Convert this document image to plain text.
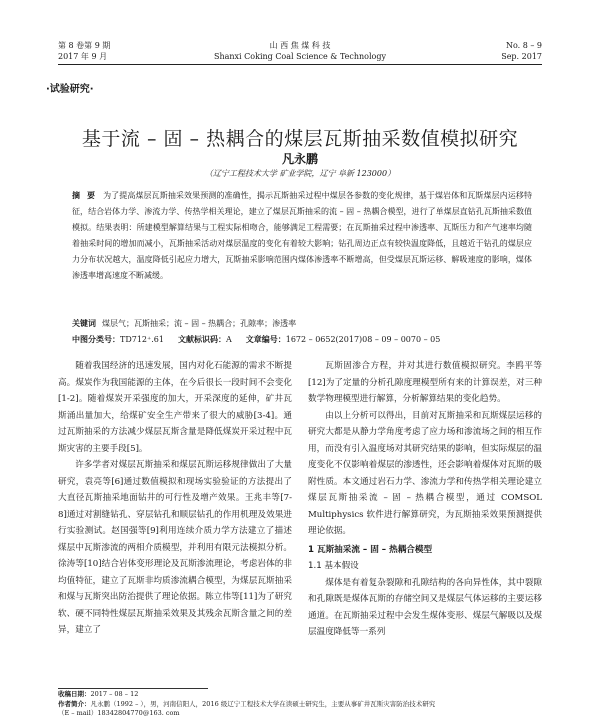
第 8 卷第 9 期
2017 年 9 月
山 西 焦 煤 科 技
Shanxi Coking Coal Science & Technology
No. 8 – 9
Sep. 2017
·试验研究·
基于流 – 固 – 热耦合的煤层瓦斯抽采数值模拟研究
凡永鹏
（辽宁工程技术大学 矿业学院，辽宁 阜新 123000）
摘 要 为了提高煤层瓦斯抽采效果预测的准确性，揭示瓦斯抽采过程中煤层各参数的变化规律，基于煤岩体和瓦斯煤层内运移特征，结合岩体力学、渗流力学、传热学相关理论，建立了煤层瓦斯抽采的流 – 固 – 热耦合模型，进行了单煤层直钻孔瓦斯抽采数值模拟。结果表明：所建模型解算结果与工程实际相吻合，能够满足工程需要；在瓦斯抽采过程中渗透率、瓦斯压力和产气速率均随着抽采时间的增加而减小，瓦斯抽采活动对煤层温度的变化有着较大影响；钻孔周边正点有较快温度降低，且越近于钻孔的煤层应力分布状况越大，温度降低引起应力增大，瓦斯抽采影响范围内煤体渗透率不断增高，但受煤层瓦斯运移、解吸速度的影响，煤体渗透率增高速度不断减缓。
关键词 煤层气；瓦斯抽采；流 – 固 – 热耦合；孔隙率；渗透率
中图分类号：TD712⁺.61 文献标识码：A 文章编号：1672 – 0652(2017)08 – 09 – 0070 – 05

随着我国经济的迅速发展，国内对化石能源的需求不断提高。煤炭作为我国能源的主体，在今后很长一段时间不会变化[1-2]。随着煤炭开采强度的加大，开采深度的延伸，矿井瓦斯涌出量加大，给煤矿安全生产带来了很大的威胁[3-4]。通过瓦斯抽采的方法减少煤层瓦斯含量是降低煤炭开采过程中瓦斯灾害的主要手段[5]。

许多学者对煤层瓦斯抽采和煤层瓦斯运移规律做出了大量研究，袁亮等[6]通过数值模拟和现场实验验证的方法提出了大直径瓦斯抽采地面钻井的可行性及增产效果。王兆丰等[7-8]通过对割缝钻孔、穿层钻孔和顺层钻孔的作用机理及效果进行实验测试。赵国强等[9]利用连续介质力学方法建立了描述煤层中瓦斯渗流的两相介质模型，并利用有限元法模拟分析。徐涛等[10]结合岩体变形理论及瓦斯渗流理论，考虑岩体的非均值特征，建立了瓦斯非均质渗流耦合模型，为煤层瓦斯抽采和煤与瓦斯突出防治提供了理论依据。陈立伟等[11]为了研究软、硬不同特性煤层瓦斯抽采效果及其残余瓦斯含量之间的差异，建立了

瓦斯固渗合方程，并对其进行数值模拟研究。李鸥平等[12]为了定量的分析孔隙度理模型所有来的计算误差，对三种数学物理模型进行解算，分析解算结果的变化趋势。

由以上分析可以得出，目前对瓦斯抽采和瓦斯煤层运移的研究大都是从静力学角度考虑了应力场和渗流场之间的相互作用，而没有引入温度场对其研究结果的影响，但实际煤层的温度变化不仅影响着煤层的渗透性，还会影响着煤体对瓦斯的吸附性质。本文通过岩石力学、渗流力学和传热学相关理论建立煤层瓦斯抽采流 – 固 – 热耦合模型，通过 COMSOL Multiphysics 软件进行解算研究，为瓦斯抽采效果预测提供理论依据。

1 瓦斯抽采流 – 固 – 热耦合模型

1.1 基本假设

煤体是有着复杂裂隙和孔隙结构的各向异性体，其中裂隙和孔隙既是煤体瓦斯的存储空间又是煤层气体运移的主要运移通道。在瓦斯抽采过程中会发生煤体变形、煤层气解吸以及煤层温度降低等一系列

收稿日期：2017 – 08 – 12
作者简介：凡永鹏（1992 – ），男，河南信阳人，2016 级辽宁工程技术大学在读硕士研究生，主要从事矿井瓦斯灾害防治技术研究
（E – mail）18342804770@163. com
